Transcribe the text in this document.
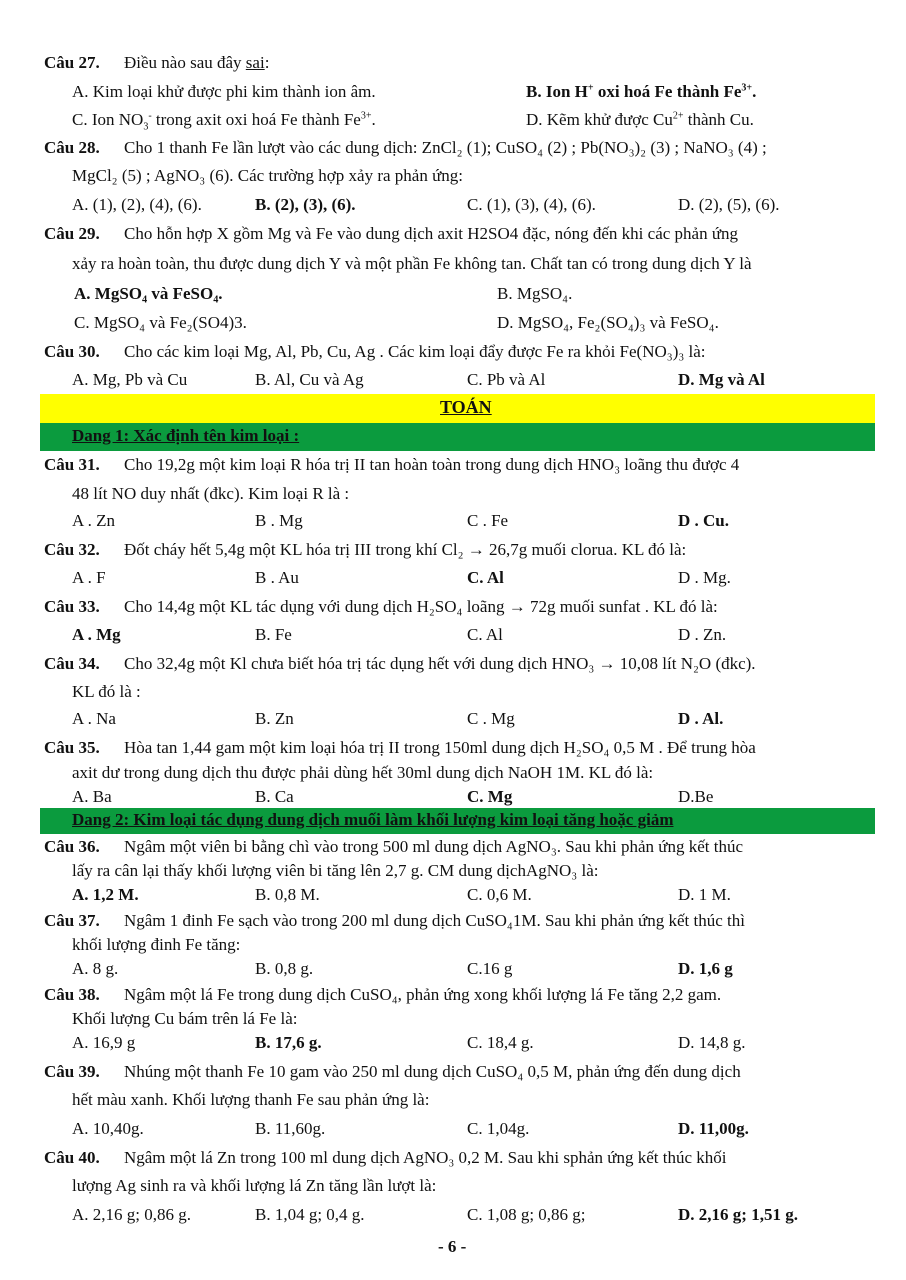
Câu 27. Điều nào sau đây sai:
A. Kim loại khử được phi kim thành ion âm.	B. Ion H+ oxi hoá Fe thành $Fe^{3+}$.
C. Ion $NO_3^-$ trong axit oxi hoá Fe thành $Fe^{3+}$.	D. Kẽm khử được $Cu^{2+}$ thành Cu.
Câu 28. Cho 1 thanh Fe lần lượt vào các dung dịch: ZnCl₂ (1); CuSO₄ (2) ; Pb(NO₃)₂ (3) ; NaNO₃ (4) ;
MgCl₂ (5) ; AgNO₃ (6). Các trường hợp xảy ra phản ứng:
A. (1), (2), (4), (6).	B. (2), (3), (6).	C. (1), (3), (4), (6).	D. (2), (5), (6).
Câu 29. Cho hỗn hợp X gồm Mg và Fe vào dung dịch axit H2SO4 đặc, nóng đến khi các phản ứng
xảy ra hoàn toàn, thu được dung dịch Y và một phần Fe không tan. Chất tan có trong dung dịch Y là
A. MgSO₄ và FeSO₄.	B. MgSO₄.
C. MgSO₄ và Fe₂(SO4)3.	D. MgSO₄, Fe₂(SO₄)₃ và FeSO₄.
Câu 30. Cho các kim loại Mg, Al, Pb, Cu, Ag . Các kim loại đẩy được Fe ra khỏi Fe(NO₃)₃ là:
A. Mg, Pb và Cu	B. Al, Cu và Ag	C. Pb và Al	D. Mg và Al
TOÁN
Dang 1: Xác định tên kim loại :
Câu 31. Cho 19,2g một kim loại R hóa trị II tan hoàn toàn trong dung dịch HNO₃ loãng thu được 4
48 lít NO duy nhất (đkc). Kim loại R là :
A . Zn	B . Mg	C . Fe	D . Cu.
Câu 32. Đốt cháy hết 5,4g một KL hóa trị III trong khí Cl₂ → 26,7g muối clorua. KL đó là:
A . F	B . Au	C. Al	D . Mg.
Câu 33. Cho 14,4g một KL tác dụng với dung dịch H₂SO₄ loãng → 72g muối sunfat . KL đó là:
A . Mg	B. Fe	C. Al	D . Zn.
Câu 34. Cho 32,4g một Kl chưa biết hóa trị tác dụng hết với dung dịch HNO₃ → 10,08 lít N₂O (đkc).
KL đó là :
A . Na	B. Zn	C . Mg	D . Al.
Câu 35. Hòa tan 1,44 gam một kim loại hóa trị II trong 150ml dung dịch H₂SO₄ 0,5 M . Để trung hòa
axit dư trong dung dịch thu được phải dùng hết 30ml dung dịch NaOH 1M. KL đó là:
A. Ba	B. Ca	C. Mg	D.Be
Dang 2: Kim loại tác dụng dung dịch muối làm khối lượng kim loại tăng hoặc giảm
Câu 36. Ngâm một viên bi bằng chì vào trong 500 ml dung dịch AgNO₃. Sau khi phản ứng kết thúc
lấy ra cân lại thấy khối lượng viên bi tăng lên 2,7 g. CM dung dịchAgNO₃ là:
A. 1,2 M.	B. 0,8 M.	C. 0,6 M.	D. 1 M.
Câu 37. Ngâm 1 đinh Fe sạch vào trong 200 ml dung dịch CuSO₄1M. Sau khi phản ứng kết thúc thì
khối lượng đinh Fe tăng:
A. 8 g.	B. 0,8 g.	C.16 g	D. 1,6 g
Câu 38. Ngâm một lá Fe trong dung dịch CuSO₄, phản ứng xong khối lượng lá Fe tăng 2,2 gam.
Khối lượng Cu bám trên lá Fe là:
A. 16,9 g	B. 17,6 g.	C. 18,4 g.	D. 14,8 g.
Câu 39. Nhúng một thanh Fe 10 gam vào 250 ml dung dịch CuSO₄ 0,5 M, phản ứng đến dung dịch
hết màu xanh. Khối lượng thanh Fe sau phản ứng là:
A. 10,40g.	B. 11,60g.	C. 1,04g.	D. 11,00g.
Câu 40. Ngâm một lá Zn trong 100 ml dung dịch AgNO₃ 0,2 M. Sau khi sphản ứng kết thúc khối
lượng Ag sinh ra và khối lượng lá Zn tăng lần lượt là:
A. 2,16 g; 0,86 g.	B. 1,04 g; 0,4 g.	C. 1,08 g; 0,86 g;	D. 2,16 g; 1,51 g.
- 6 -
